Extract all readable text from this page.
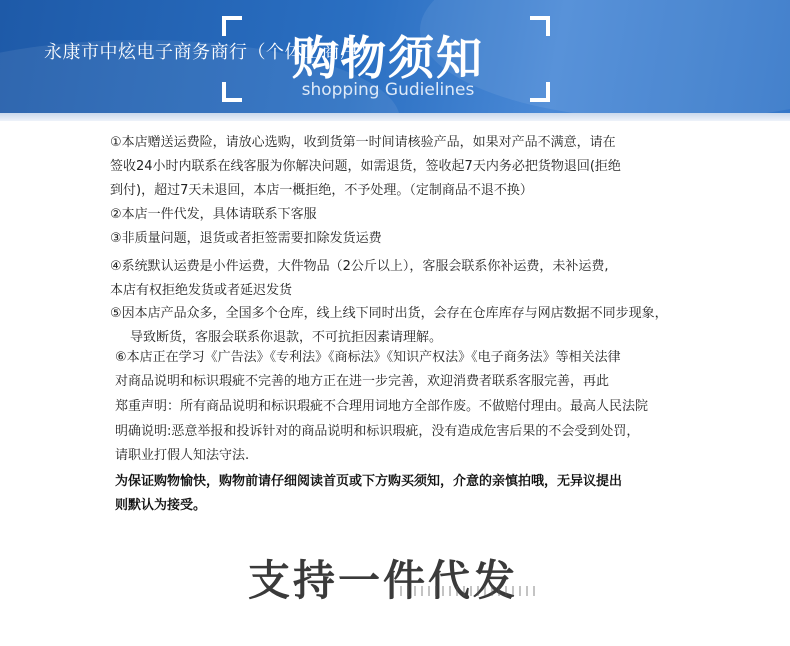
永康市中炫电子商务商行（个体工商户）
购物须知
shopping Gudielines
①本店赠送运费险，请放心选购，收到货第一时间请核验产品，如果对产品不满意，请在
签收24小时内联系在线客服为你解决问题，如需退货，签收起7天内务必把货物退回(拒绝
到付)，超过7天未退回，本店一概拒绝，不予处理。（定制商品不退不换）
②本店一件代发，具体请联系下客服
③非质量问题，退货或者拒签需要扣除发货运费
④系统默认运费是小件运费，大件物品（2公斤以上），客服会联系你补运费，未补运费,
本店有权拒绝发货或者延迟发货
⑤因本店产品众多，全国多个仓库，线上线下同时出货，会存在仓库库存与网店数据不同步现象，
导致断货，客服会联系你退款，不可抗拒因素请理解。
⑥本店正在学习《广告法》《专利法》《商标法》《知识产权法》《电子商务法》等相关法律
对商品说明和标识瑕疵不完善的地方正在进一步完善，欢迎消费者联系客服完善，再此
郑重声明：所有商品说明和标识瑕疵不合理用词地方全部作废。不做赔付理由。最高人民法院
明确说明:恶意举报和投诉针对的商品说明和标识瑕疵，没有造成危害后果的不会受到处罚，
请职业打假人知法守法.
为保证购物愉快，购物前请仔细阅读首页或下方购买须知，介意的亲慎拍哦，无异议提出
则默认为接受。
支持一件代发
